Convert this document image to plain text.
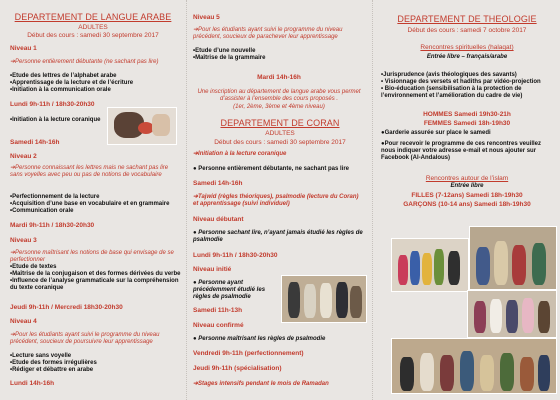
DEPARTEMENT DE LANGUE ARABE
ADULTES
Début des cours : samedi 30 septembre 2017
Niveau 1
➔Personne entièrement débutante (ne sachant pas lire)
•Etude des lettres de l’alphabet arabe
•Apprentissage de la lecture et de l’écriture
•Initiation à la communication orale
Lundi 9h-11h / 18h30-20h30
•Initiation à la lecture coranique
Samedi 14h-16h
Niveau 2
➔Personne connaissant les lettres mais ne sachant pas lire sans voyelles avec peu ou pas de notions de vocabulaire
•Perfectionnement de la lecture
•Acquisition d’une base en vocabulaire et en grammaire
•Communication orale
Mardi 9h-11h / 18h30-20h30
Niveau 3
➔Personne maîtrisant les notions de base qui envisage de se perfectionner
•Etude de textes
•Maîtrise de la conjugaison et des formes dérivées du verbe
•Influence de l’analyse grammaticale sur la compréhension du texte coranique
Jeudi 9h-11h / Mercredi 18h30-20h30
Niveau 4
➔Pour les étudiants ayant suivi le programme du niveau précédent, soucieux de poursuivre leur apprentissage
•Lecture sans voyelle
•Etude des formes irrégulières
•Rédiger et débattre en arabe
Lundi 14h-16h
Niveau 5
➔Pour les étudiants ayant suivi le programme du niveau précédent, soucieux de parachever leur apprentissage
•Etude d’une nouvelle
•Maîtrise de la grammaire
Mardi 14h-16h
Une inscription au département de langue arabe vous permet d’assister à l’ensemble des cours proposés .
(1er, 2ème, 3ème et 4ème niveau)
DEPARTEMENT DE CORAN
ADULTES
Début des cours : samedi 30 septembre 2017
➔Initiation à la lecture coranique
● Personne entièrement débutante, ne sachant pas lire
Samedi 14h-16h
➔Tajwid (règles théoriques), psalmodie (lecture du Coran) et apprentissage (suivi individuel)
Niveau débutant
● Personne sachant lire, n’ayant jamais étudié les règles de psalmodie
Lundi 9h-11h / 18h30-20h30
Niveau initié
● Personne ayant précédemment étudié les règles de psalmodie
Samedi 11h-13h
Niveau confirmé
● Personne maîtrisant les règles de psalmodie
Vendredi 9h-11h (perfectionnement)
Jeudi 9h-11h (spécialisation)
➔Stages intensifs pendant le mois de Ramadan
DEPARTEMENT DE THEOLOGIE
Début des cours : samedi 7 octobre 2017
Rencontres spirituelles (halaqat)
Entrée libre – français/arabe
•Jurisprudence (avis théologiques des savants)
• Visionnage des versets et hadiths par vidéo-projection
• Bio-éducation (sensibilisation à la protection de l’environnement et l’amélioration du cadre de vie)
HOMMES Samedi 19h30-21h
FEMMES Samedi 18h-19h30
●Garderie assurée sur place le samedi
●Pour recevoir le programme de ces rencontres veuillez nous indiquer votre adresse e-mail et nous ajouter sur Facebook (Al-Andalous)
Rencontres autour de l’islam
Entrée libre
FILLES (7-12ans) Samedi 18h-19h30
GARÇONS (10-14 ans) Samedi 18h-19h30
